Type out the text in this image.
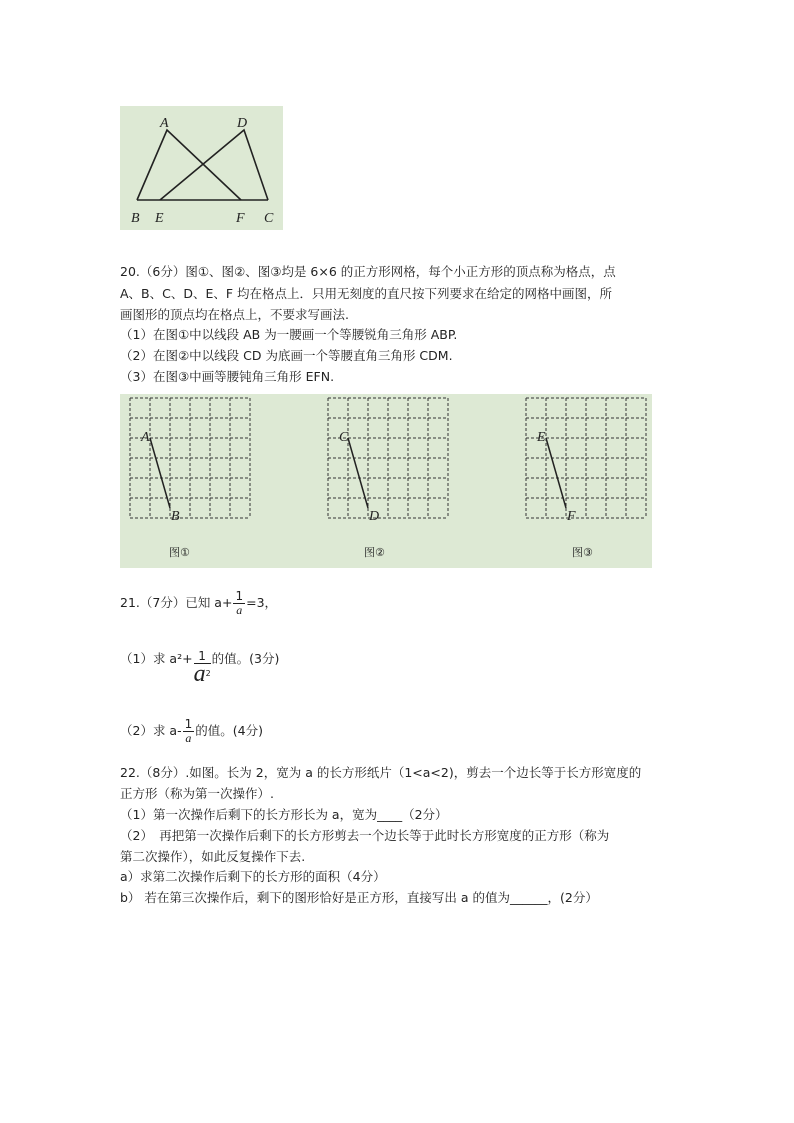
A	D
B E	F C
20.（6分）图①、图②、图③均是 6×6 的正方形网格，每个小正方形的顶点称为格点，点
A、B、C、D、E、F 均在格点上．只用无刻度的直尺按下列要求在给定的网格中画图，所
画图形的顶点均在格点上，不要求写画法.
（1）在图①中以线段 AB 为一腰画一个等腰锐角三角形 ABP.
（2）在图②中以线段 CD 为底画一个等腰直角三角形 CDM.
（3）在图③中画等腰钝角三角形 EFN.
A
B
图①
C
D
图②
E
F
图③
21.（7分）已知 $a+ \frac{1}{a} =3$，
（1）求 $a^2+ \frac{1}{a^2}$ 的值。(3分)
（2）求 $a- \frac{1}{a}$ 的值。(4分)
22.（8分）.如图。长为 2，宽为 a 的长方形纸片（1<a<2)，剪去一个边长等于长方形宽度的
正方形（称为第一次操作）.
（1）第一次操作后剩下的长方形长为 a，宽为____（2分）
（2）　再把第一次操作后剩下的长方形剪去一个边长等于此时长方形宽度的正方形（称为
第二次操作），如此反复操作下去.
a）求第二次操作后剩下的长方形的面积（4分）
b） 若在第三次操作后，剩下的图形恰好是正方形，直接写出 a 的值为______，(2分）
